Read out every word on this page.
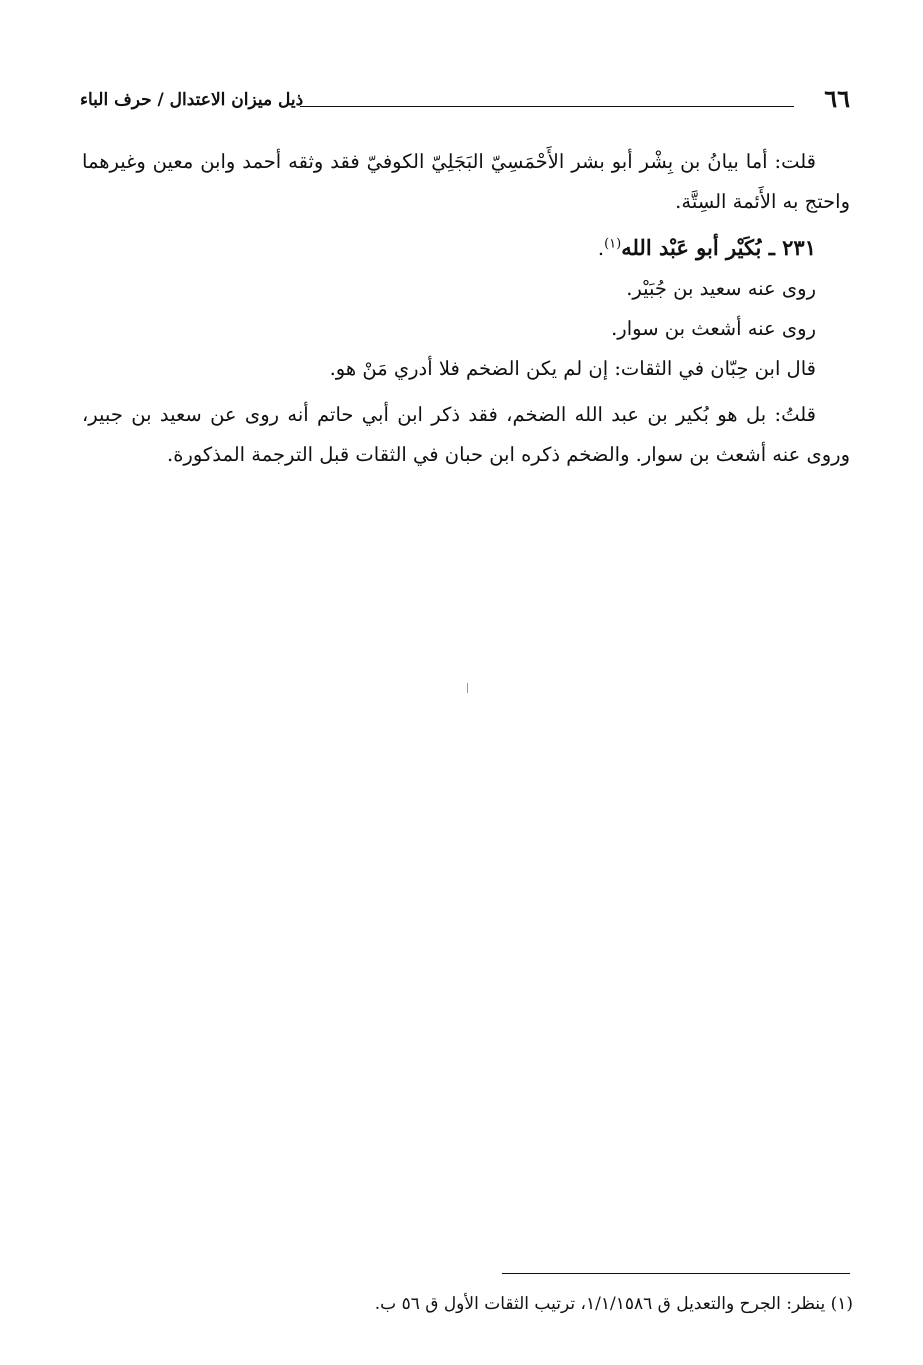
٦٦
ذيل ميزان الاعتدال / حرف الباء

قلت: أما بيانُ بن بِشْر أبو بشر الأَحْمَسِيّ البَجَلِيّ الكوفيّ فقد وثقه أحمد وابن معين وغيرهما واحتج به الأَئمة السِتَّة.

٢٣١ ـ بُكَيْر أبو عَبْد الله$^{(١)}$.

روى عنه سعيد بن جُبَيْر.

روى عنه أشعث بن سوار.

قال ابن حِبّان في الثقات: إن لم يكن الضخم فلا أدري مَنْ هو.

قلتُ: بل هو بُكير بن عبد الله الضخم، فقد ذكر ابن أبي حاتم أنه روى عن سعيد بن جبير، وروى عنه أشعث بن سوار. والضخم ذكره ابن حبان في الثقات قبل الترجمة المذكورة.

(١) ينظر: الجرح والتعديل ق ١/١/١٥٨٦، ترتيب الثقات الأول ق ٥٦ ب.
